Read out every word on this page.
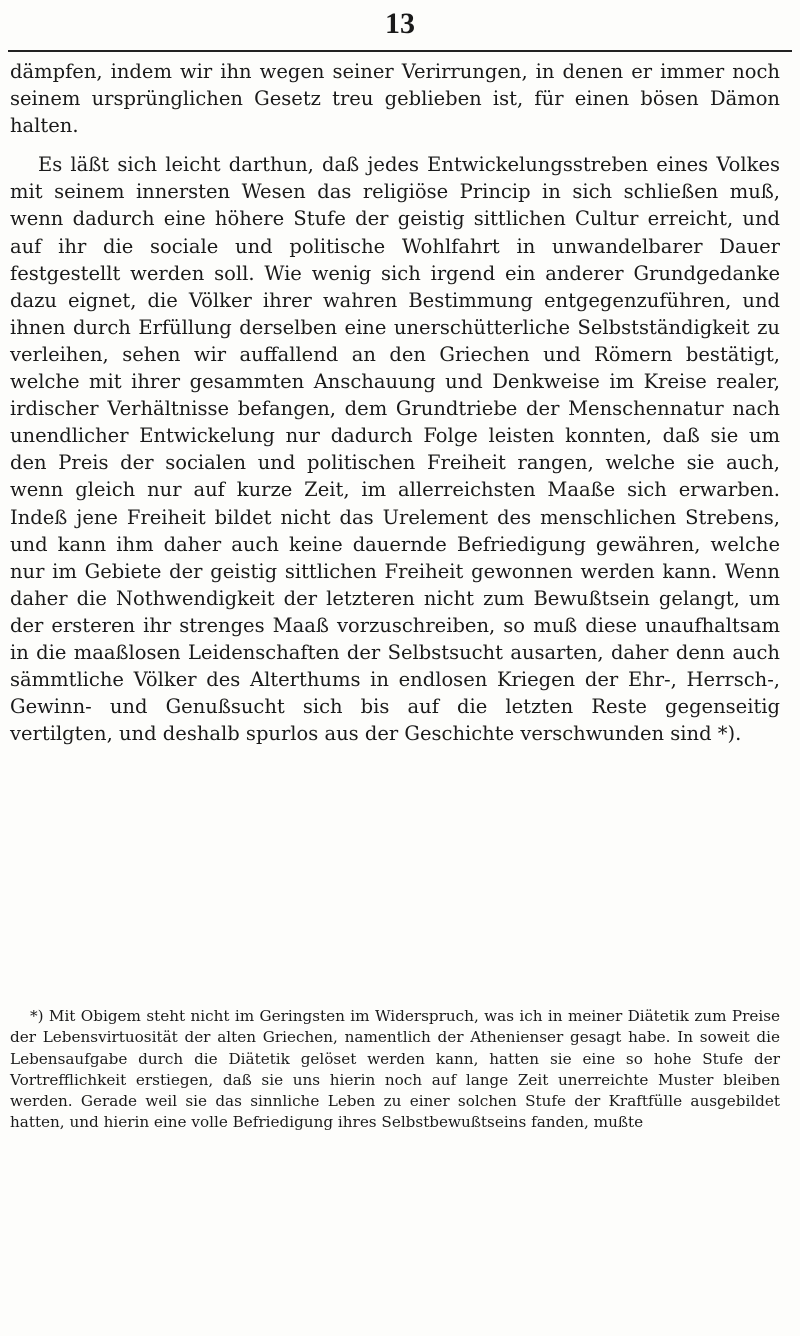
13

dämpfen, indem wir ihn wegen seiner Verirrungen, in denen er immer noch seinem ursprünglichen Gesetz treu geblieben ist, für einen bösen Dämon halten.

Es läßt sich leicht darthun, daß jedes Entwickelungsstreben eines Volkes mit seinem innersten Wesen das religiöse Princip in sich schließen muß, wenn dadurch eine höhere Stufe der geistig sittlichen Cultur erreicht, und auf ihr die sociale und politische Wohlfahrt in unwandelbarer Dauer festgestellt werden soll. Wie wenig sich irgend ein anderer Grundgedanke dazu eignet, die Völker ihrer wahren Bestimmung entgegenzuführen, und ihnen durch Erfüllung derselben eine unerschütterliche Selbstständigkeit zu verleihen, sehen wir auffallend an den Griechen und Römern bestätigt, welche mit ihrer gesammten Anschauung und Denkweise im Kreise realer, irdischer Verhältnisse befangen, dem Grundtriebe der Menschennatur nach unendlicher Entwickelung nur dadurch Folge leisten konnten, daß sie um den Preis der socialen und politischen Freiheit rangen, welche sie auch, wenn gleich nur auf kurze Zeit, im allerreichsten Maaße sich erwarben. Indeß jene Freiheit bildet nicht das Urelement des menschlichen Strebens, und kann ihm daher auch keine dauernde Befriedigung gewähren, welche nur im Gebiete der geistig sittlichen Freiheit gewonnen werden kann. Wenn daher die Nothwendigkeit der letzteren nicht zum Bewußtsein gelangt, um der ersteren ihr strenges Maaß vorzuschreiben, so muß diese unaufhaltsam in die maaßlosen Leidenschaften der Selbstsucht ausarten, daher denn auch sämmtliche Völker des Alterthums in endlosen Kriegen der Ehr-, Herrsch-, Gewinn- und Genußsucht sich bis auf die letzten Reste gegenseitig vertilgten, und deshalb spurlos aus der Geschichte verschwunden sind *).

*) Mit Obigem steht nicht im Geringsten im Widerspruch, was ich in meiner Diätetik zum Preise der Lebensvirtuosität der alten Griechen, namentlich der Athenienser gesagt habe. In soweit die Lebensaufgabe durch die Diätetik gelöset werden kann, hatten sie eine so hohe Stufe der Vortrefflichkeit erstiegen, daß sie uns hierin noch auf lange Zeit unerreichte Muster bleiben werden. Gerade weil sie das sinnliche Leben zu einer solchen Stufe der Kraftfülle ausgebildet hatten, und hierin eine volle Befriedigung ihres Selbstbewußtseins fanden, mußte
